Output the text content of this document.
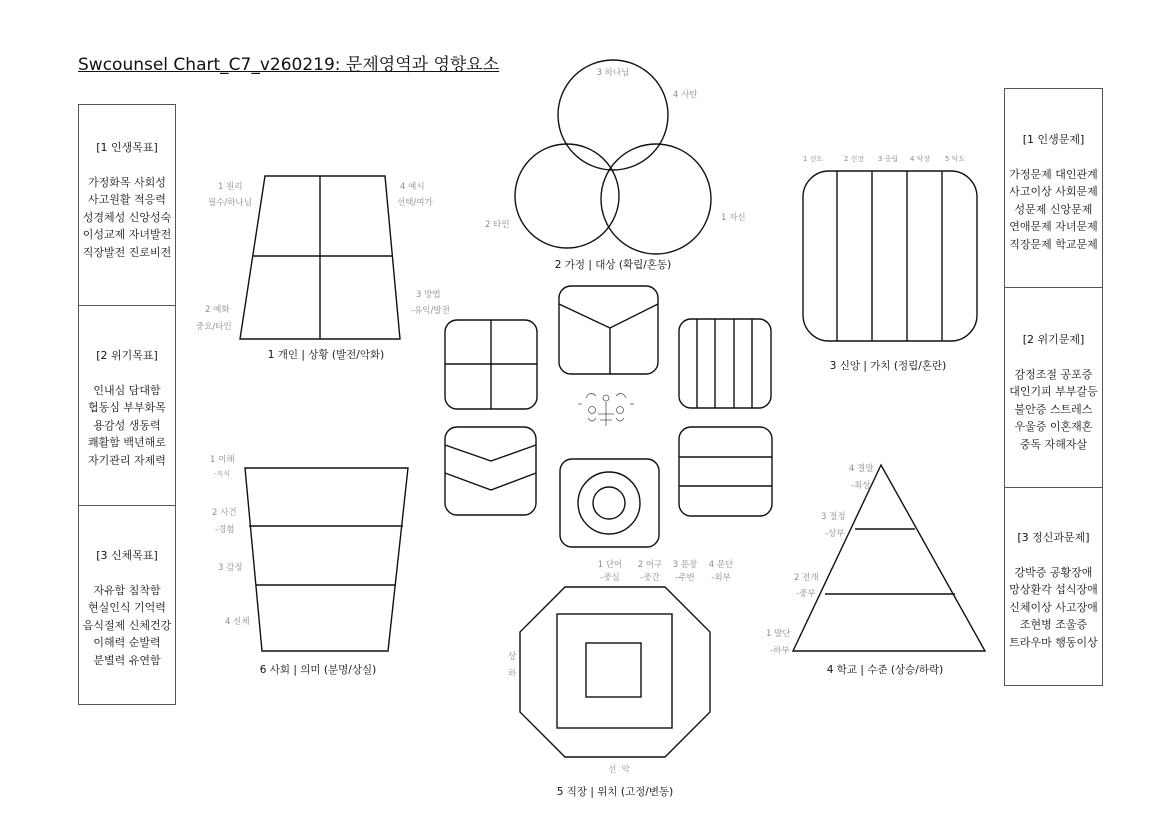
Swcounsel Chart_C7_v260219: 문제영역과 영향요소
[1 인생목표]
가정화목 사회성
사고원활 적응력
성경체성 신앙성숙
이성교제 자녀발전
직장발전 진로비전
[2 위기목표]
인내심 담대함
협동심 부부화목
용감성 생동력
쾌활함 백년해로
자기관리 자제력
[3 신체목표]
자유함 침착함
현실인식 기억력
음식절제 신체건강
이해력 순발력
분별력 유연함
[1 인생문제]
가정문제 대인관계
사고이상 사회문제
성문제 신앙문제
연애문제 자녀문제
직장문제 학교문제
[2 위기문제]
감정조절 공포증
대인기피 부부갈등
불안증 스트레스
우울증 이혼재혼
중독 자해자살
[3 정신과문제]
강박증 공황장애
망상환각 섭식장애
신체이상 사고장애
조현병 조울증
트라우마 행동이상
1 원리
필수/하나님
4 예시
선택/여가
2 예화
중요/타인
3 방법
-유익/발전
1 개인 | 상황 (발전/악화)
3 하나님
4 사탄
2 타인
1 자신
2 가정 | 대상 (확립/혼동)
1 선도	2 선장 3 중립 4 악장 5 악도
3 신앙 | 가치 (정립/혼란)
4 결말
-최상
3 절정
-상부
2 전개
-중부
1 발단
-하부
4 학교 | 수준 (상승/하락)
1 단어
-중심
2 어구
-중간
3 문장
-주변
4 문단
-외부
상
하
선  악
5 직장 | 위치 (고정/변동)
1 이해
-지식
2 사건
-경험
3 감정
4 신체
6 사회 | 의미 (분명/상실)
